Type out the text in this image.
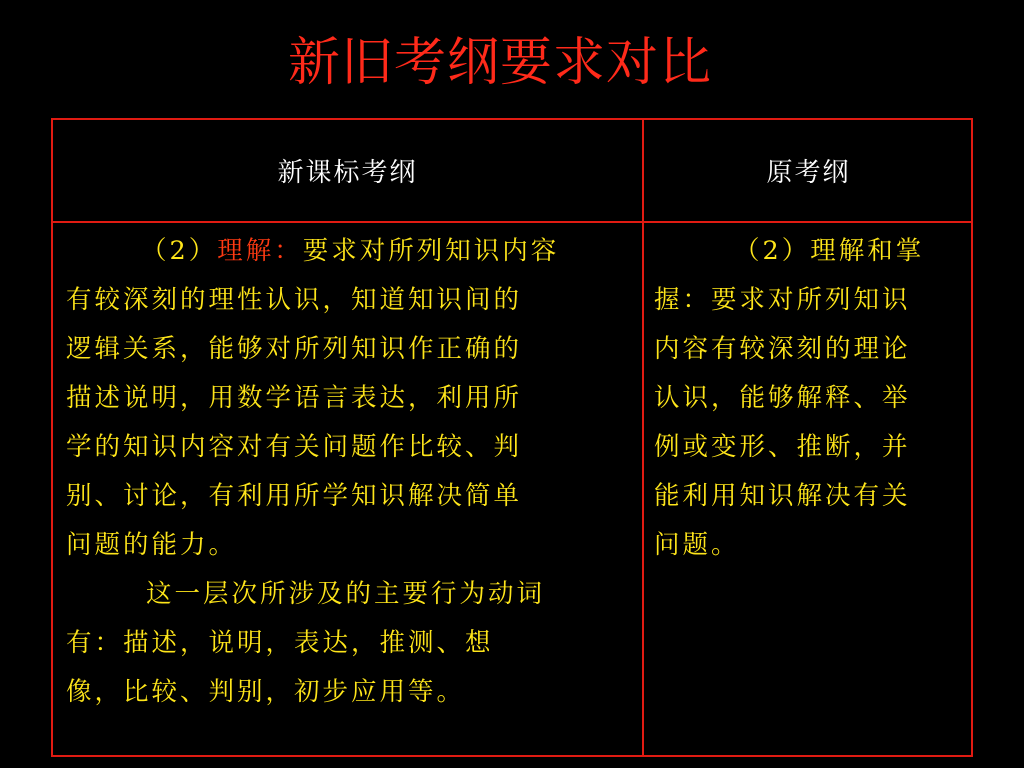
新旧考纲要求对比
新课标考纲	原考纲
（2）理解：要求对所列知识内容
有较深刻的理性认识，知道知识间的
逻辑关系，能够对所列知识作正确的
描述说明，用数学语言表达，利用所
学的知识内容对有关问题作比较、判
别、讨论，有利用所学知识解决简单
问题的能力。
这一层次所涉及的主要行为动词
有：描述，说明，表达，推测、想
像，比较、判别，初步应用等。
（2）理解和掌
握：要求对所列知识
内容有较深刻的理论
认识，能够解释、举
例或变形、推断，并
能利用知识解决有关
问题。
